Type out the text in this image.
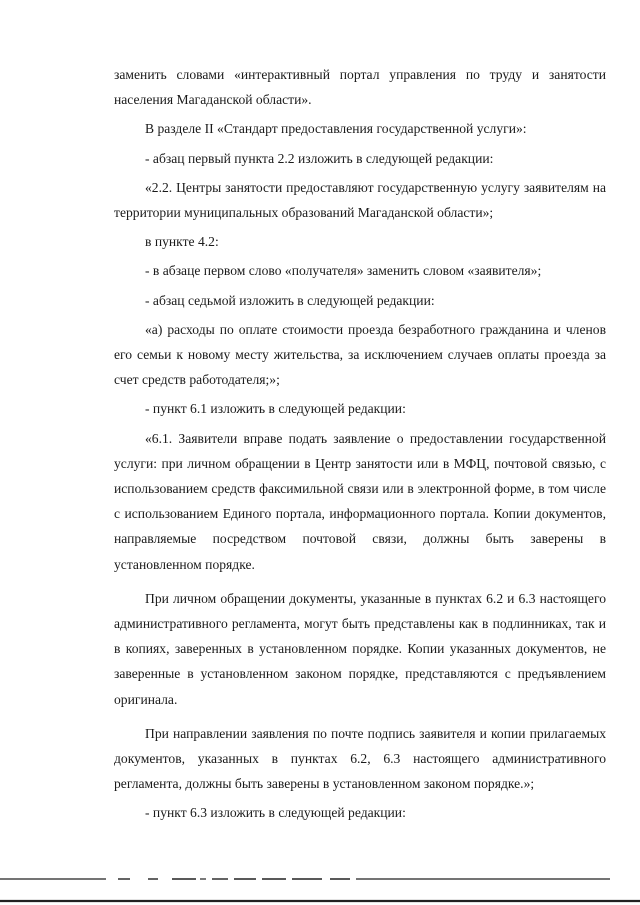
заменить словами «интерактивный портал управления по труду и занятости населения Магаданской области».

В разделе II «Стандарт предоставления государственной услуги»:

- абзац первый пункта 2.2 изложить в следующей редакции:

«2.2. Центры занятости предоставляют государственную услугу заявителям на территории муниципальных образований Магаданской области»;

в пункте 4.2:

- в абзаце первом слово «получателя» заменить словом «заявителя»;

- абзац седьмой изложить в следующей редакции:

«а) расходы по оплате стоимости проезда безработного гражданина и членов его семьи к новому месту жительства, за исключением случаев оплаты проезда за счет средств работодателя;»;

- пункт 6.1 изложить в следующей редакции:

«6.1. Заявители вправе подать заявление о предоставлении государственной услуги: при личном обращении в Центр занятости или в МФЦ, почтовой связью, с использованием средств факсимильной связи или в электронной форме, в том числе с использованием Единого портала, информационного портала. Копии документов, направляемые посредством почтовой связи, должны быть заверены в установленном порядке.

При личном обращении документы, указанные в пунктах 6.2 и 6.3 настоящего административного регламента, могут быть представлены как в подлинниках, так и в копиях, заверенных в установленном порядке. Копии указанных документов, не заверенные в установленном законом порядке, представляются с предъявлением оригинала.

При направлении заявления по почте подпись заявителя и копии прилагаемых документов, указанных в пунктах 6.2, 6.3 настоящего административного регламента, должны быть заверены в установленном законом порядке.»;

- пункт 6.3 изложить в следующей редакции:
